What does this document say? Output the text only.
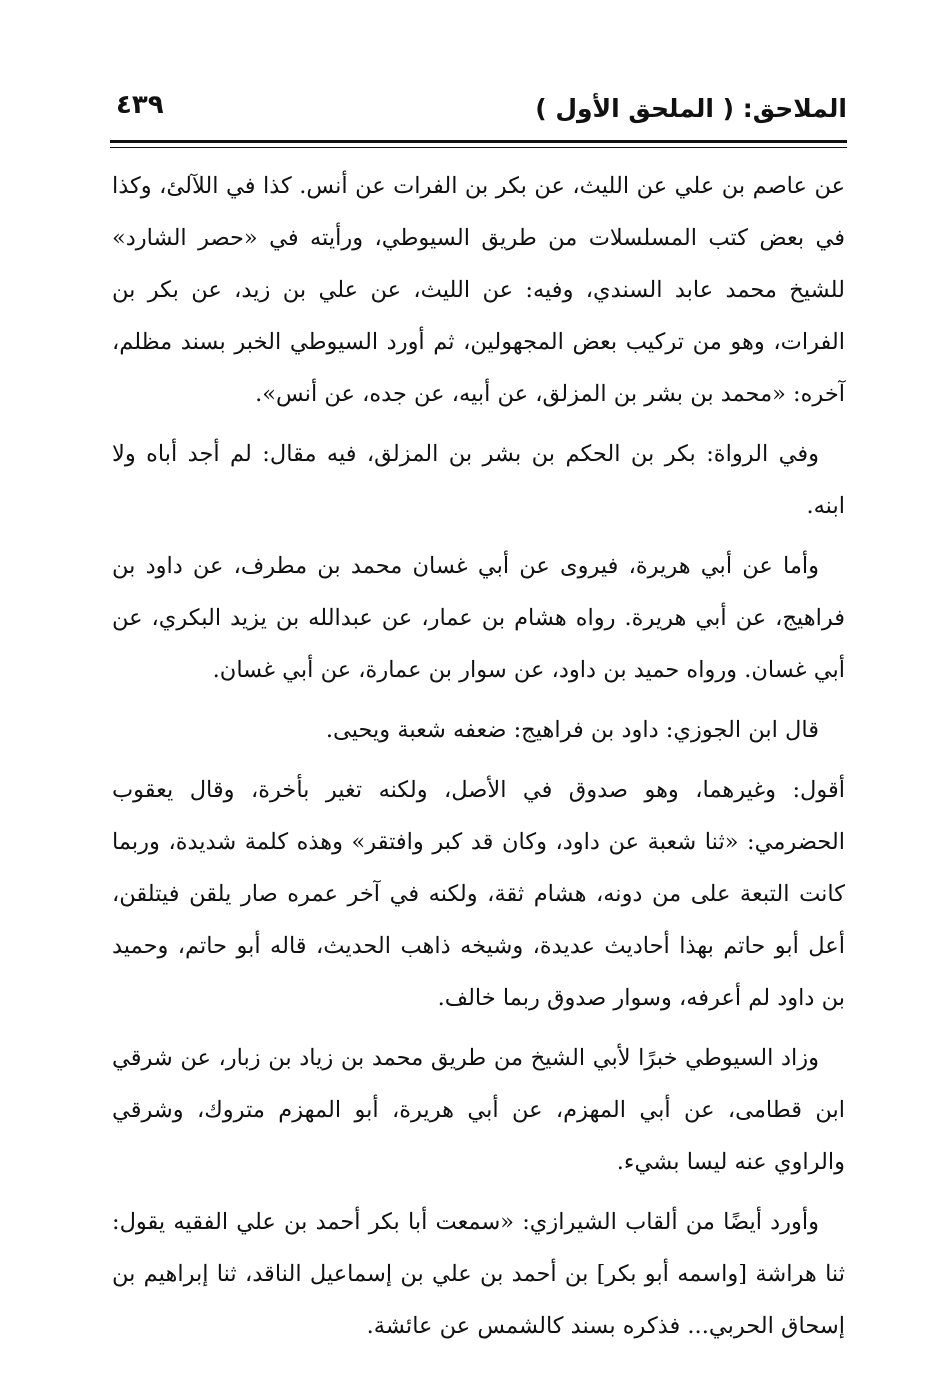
الملاحق: ( الملحق الأول )
٤٣٩

عن عاصم بن علي عن الليث، عن بكر بن الفرات عن أنس. كذا في اللآلئ، وكذا في بعض كتب المسلسلات من طريق السيوطي، ورأيته في «حصر الشارد» للشيخ محمد عابد السندي، وفيه: عن الليث، عن علي بن زيد، عن بكر بن الفرات، وهو من تركيب بعض المجهولين، ثم أورد السيوطي الخبر بسند مظلم، آخره: «محمد بن بشر بن المزلق، عن أبيه، عن جده، عن أنس».

وفي الرواة: بكر بن الحكم بن بشر بن المزلق، فيه مقال: لم أجد أباه ولا ابنه.

وأما عن أبي هريرة، فيروى عن أبي غسان محمد بن مطرف، عن داود بن فراهيج، عن أبي هريرة. رواه هشام بن عمار، عن عبدالله بن يزيد البكري، عن أبي غسان. ورواه حميد بن داود، عن سوار بن عمارة، عن أبي غسان.

قال ابن الجوزي: داود بن فراهيج: ضعفه شعبة ويحيى.

أقول: وغيرهما، وهو صدوق في الأصل، ولكنه تغير بأخرة، وقال يعقوب الحضرمي: «ثنا شعبة عن داود، وكان قد كبر وافتقر» وهذه كلمة شديدة، وربما كانت التبعة على من دونه، هشام ثقة، ولكنه في آخر عمره صار يلقن فيتلقن، أعل أبو حاتم بهذا أحاديث عديدة، وشيخه ذاهب الحديث، قاله أبو حاتم، وحميد بن داود لم أعرفه، وسوار صدوق ربما خالف.

وزاد السيوطي خبرًا لأبي الشيخ من طريق محمد بن زياد بن زبار، عن شرقي ابن قطامى، عن أبي المهزم، عن أبي هريرة، أبو المهزم متروك، وشرقي والراوي عنه ليسا بشيء.

وأورد أيضًا من ألقاب الشيرازي: «سمعت أبا بكر أحمد بن علي الفقيه يقول: ثنا هراشة [واسمه أبو بكر] بن أحمد بن علي بن إسماعيل الناقد، ثنا إبراهيم بن إسحاق الحربي... فذكره بسند كالشمس عن عائشة.
